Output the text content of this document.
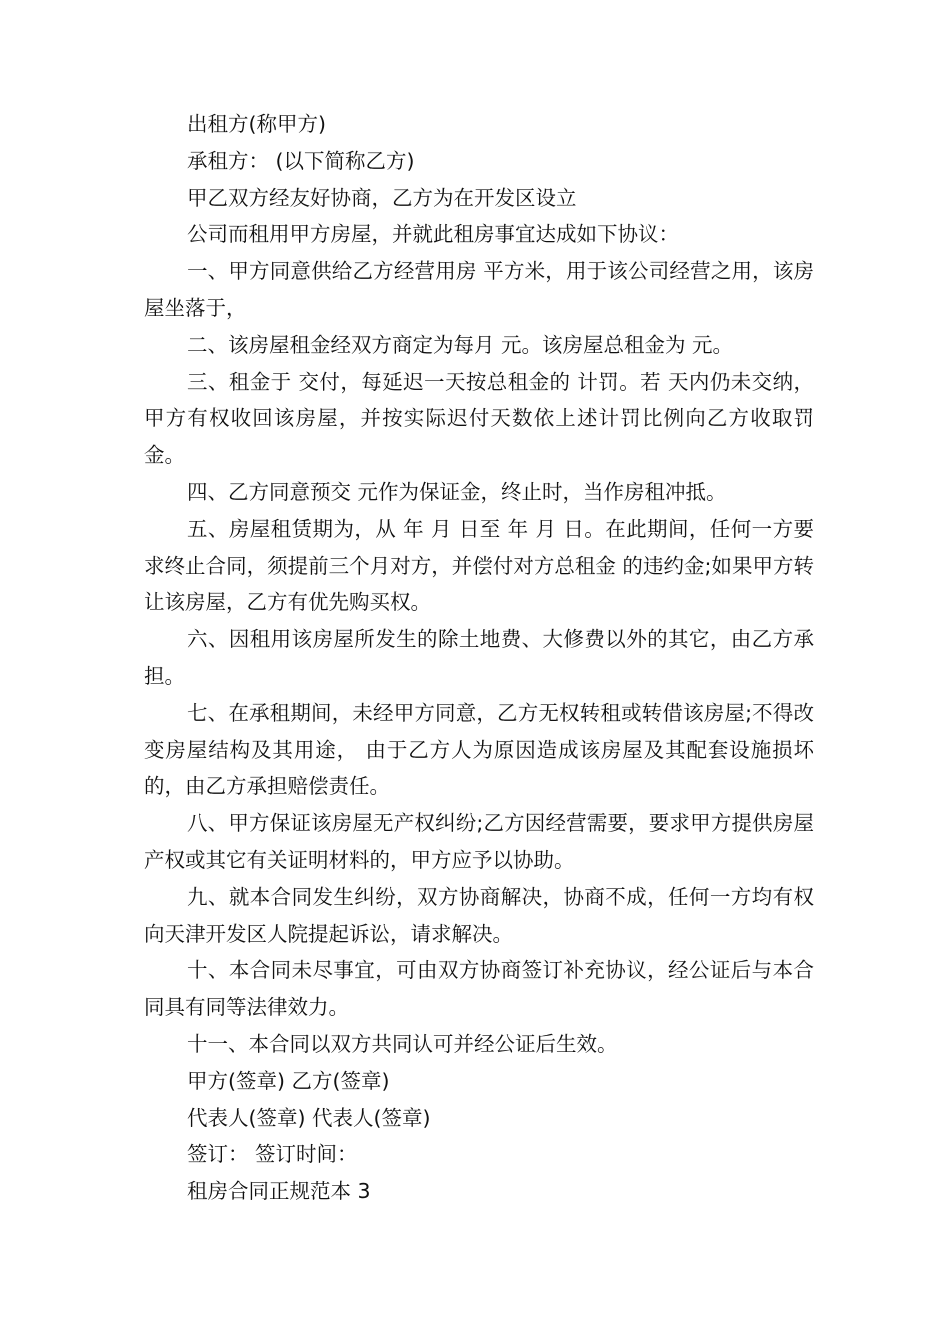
出租方(称甲方)

承租方： (以下简称乙方)

甲乙双方经友好协商，乙方为在开发区设立

公司而租用甲方房屋，并就此租房事宜达成如下协议：

一、甲方同意供给乙方经营用房 平方米，用于该公司经营之用，该房屋坐落于，

二、该房屋租金经双方商定为每月 元。该房屋总租金为 元。

三、租金于 交付，每延迟一天按总租金的 计罚。若 天内仍未交纳，甲方有权收回该房屋，并按实际迟付天数依上述计罚比例向乙方收取罚金。

四、乙方同意预交 元作为保证金，终止时，当作房租冲抵。

五、房屋租赁期为，从 年 月 日至 年 月 日。在此期间，任何一方要求终止合同，须提前三个月对方，并偿付对方总租金 的违约金;如果甲方转让该房屋，乙方有优先购买权。

六、因租用该房屋所发生的除土地费、大修费以外的其它，由乙方承担。

七、在承租期间，未经甲方同意，乙方无权转租或转借该房屋;不得改变房屋结构及其用途， 由于乙方人为原因造成该房屋及其配套设施损坏的，由乙方承担赔偿责任。

八、甲方保证该房屋无产权纠纷;乙方因经营需要，要求甲方提供房屋产权或其它有关证明材料的，甲方应予以协助。

九、就本合同发生纠纷，双方协商解决，协商不成，任何一方均有权向天津开发区人院提起诉讼，请求解决。

十、本合同未尽事宜，可由双方协商签订补充协议，经公证后与本合同具有同等法律效力。

十一、本合同以双方共同认可并经公证后生效。

甲方(签章) 乙方(签章)

代表人(签章) 代表人(签章)

签订： 签订时间：

租房合同正规范本 3
